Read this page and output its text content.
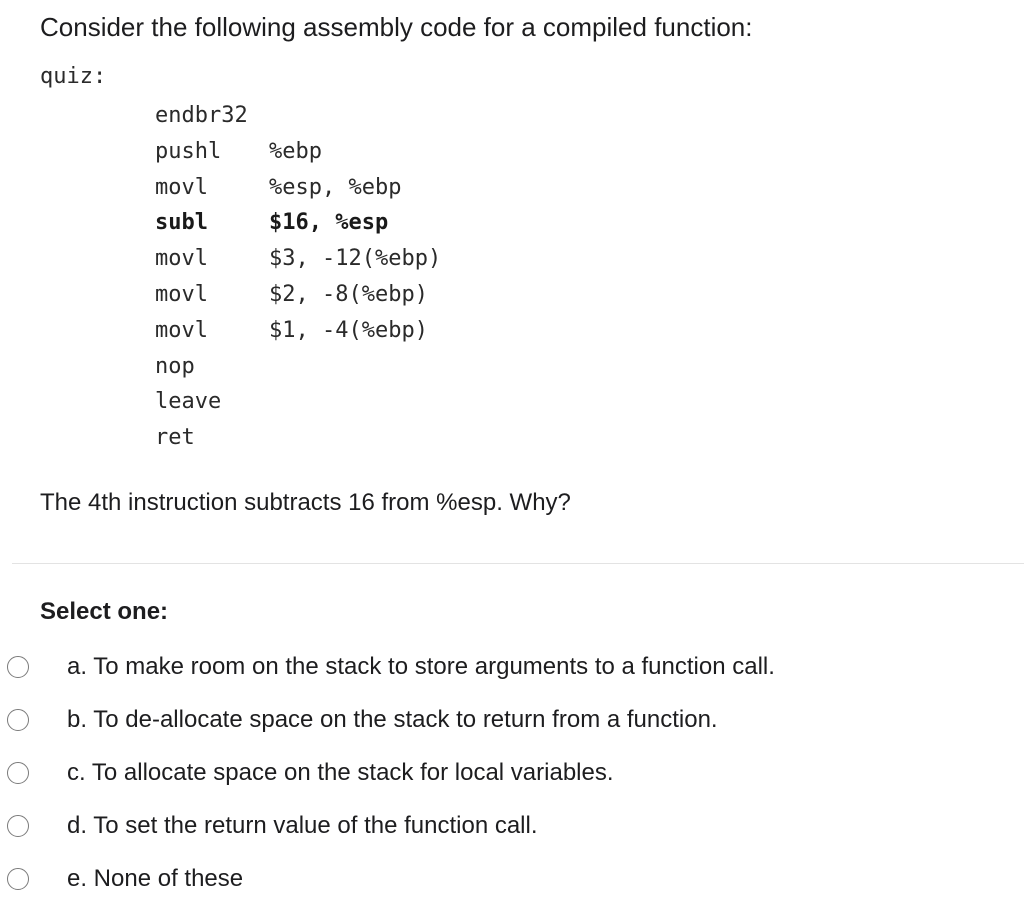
Consider the following assembly code for a compiled function:
quiz:
endbr32
pushl	%ebp
movl	%esp, %ebp
subl	$16, %esp
movl	$3, -12(%ebp)
movl	$2, -8(%ebp)
movl	$1, -4(%ebp)
nop
leave
ret
The 4th instruction subtracts 16 from %esp. Why?
Select one:
a. To make room on the stack to store arguments to a function call.
b. To de-allocate space on the stack to return from a function.
c. To allocate space on the stack for local variables.
d. To set the return value of the function call.
e. None of these
